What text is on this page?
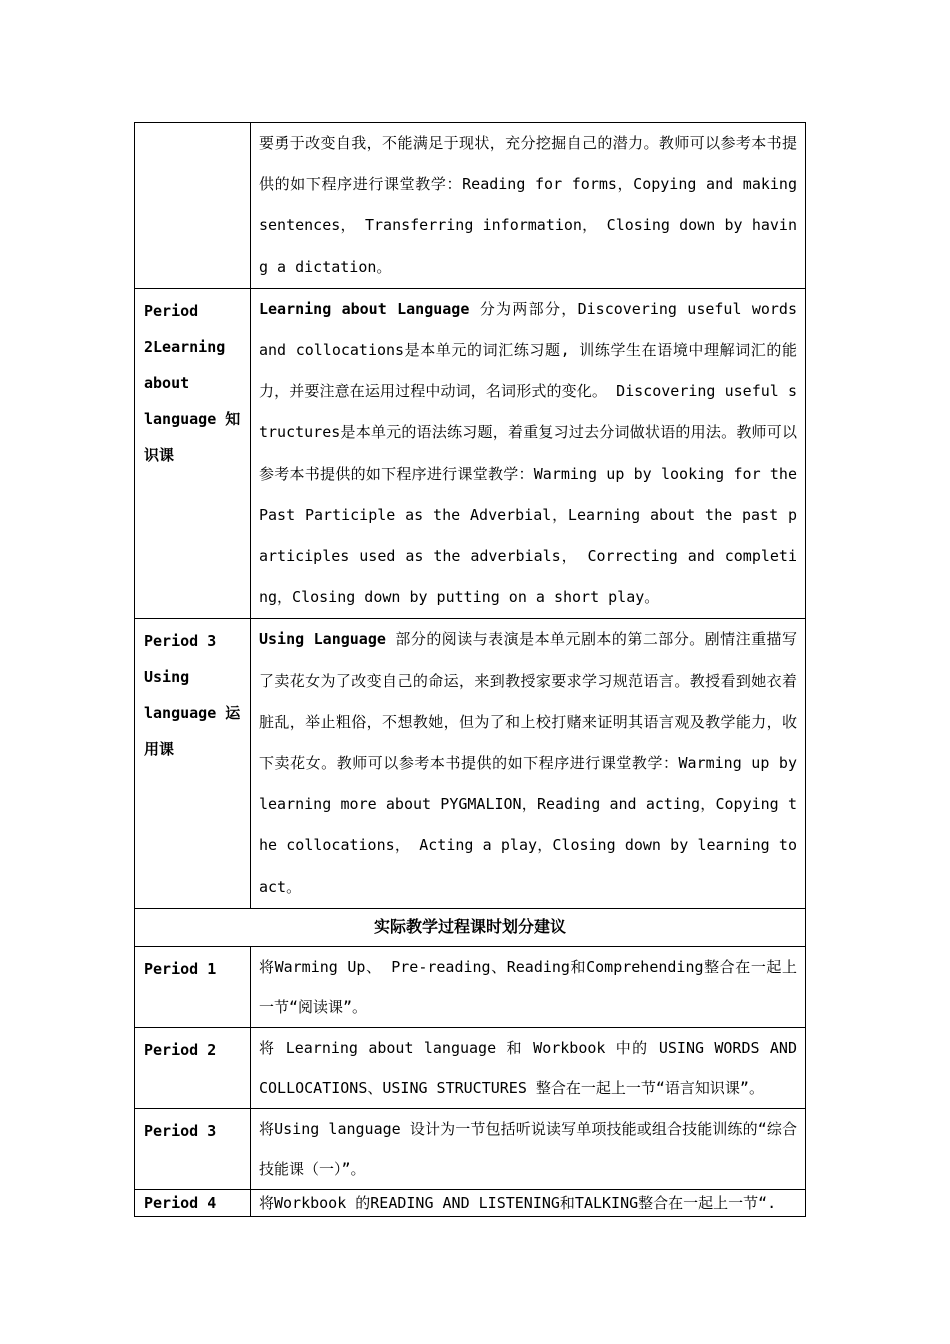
	要勇于改变自我，不能满足于现状，充分挖掘自己的潜力。教师可以参考本书提供的如下程序进行课堂教学：Reading for forms，Copying and making sentences， Transferring information， Closing down by having a dictation。

Period 2Learning about language 知识课	Learning about Language 分为两部分，Discovering useful words and collocations是本单元的词汇练习题, 训练学生在语境中理解词汇的能力，并要注意在运用过程中动词，名词形式的变化。 Discovering useful structures是本单元的语法练习题，着重复习过去分词做状语的用法。教师可以参考本书提供的如下程序进行课堂教学：Warming up by looking for the Past Participle as the Adverbial，Learning about the past participles used as the adverbials， Correcting and completing，Closing down by putting on a short play。

Period 3 Using language 运用课	Using Language 部分的阅读与表演是本单元剧本的第二部分。剧情注重描写了卖花女为了改变自己的命运，来到教授家要求学习规范语言。教授看到她衣着脏乱，举止粗俗，不想教她，但为了和上校打赌来证明其语言观及教学能力，收下卖花女。教师可以参考本书提供的如下程序进行课堂教学：Warming up by learning more about PYGMALION，Reading and acting，Copying the collocations， Acting a play，Closing down by learning to act。

实际教学过程课时划分建议	

Period 1	将Warming Up、 Pre-reading、Reading和Comprehending整合在一起上一节“阅读课”。

Period 2	将 Learning about language 和 Workbook 中的 USING WORDS AND COLLOCATIONS、USING STRUCTURES 整合在一起上一节“语言知识课”。

Period 3	将Using language 设计为一节包括听说读写单项技能或组合技能训练的“综合技能课（一）”。

Period 4	将Workbook 的READING AND LISTENING和TALKING整合在一起上一节“.
